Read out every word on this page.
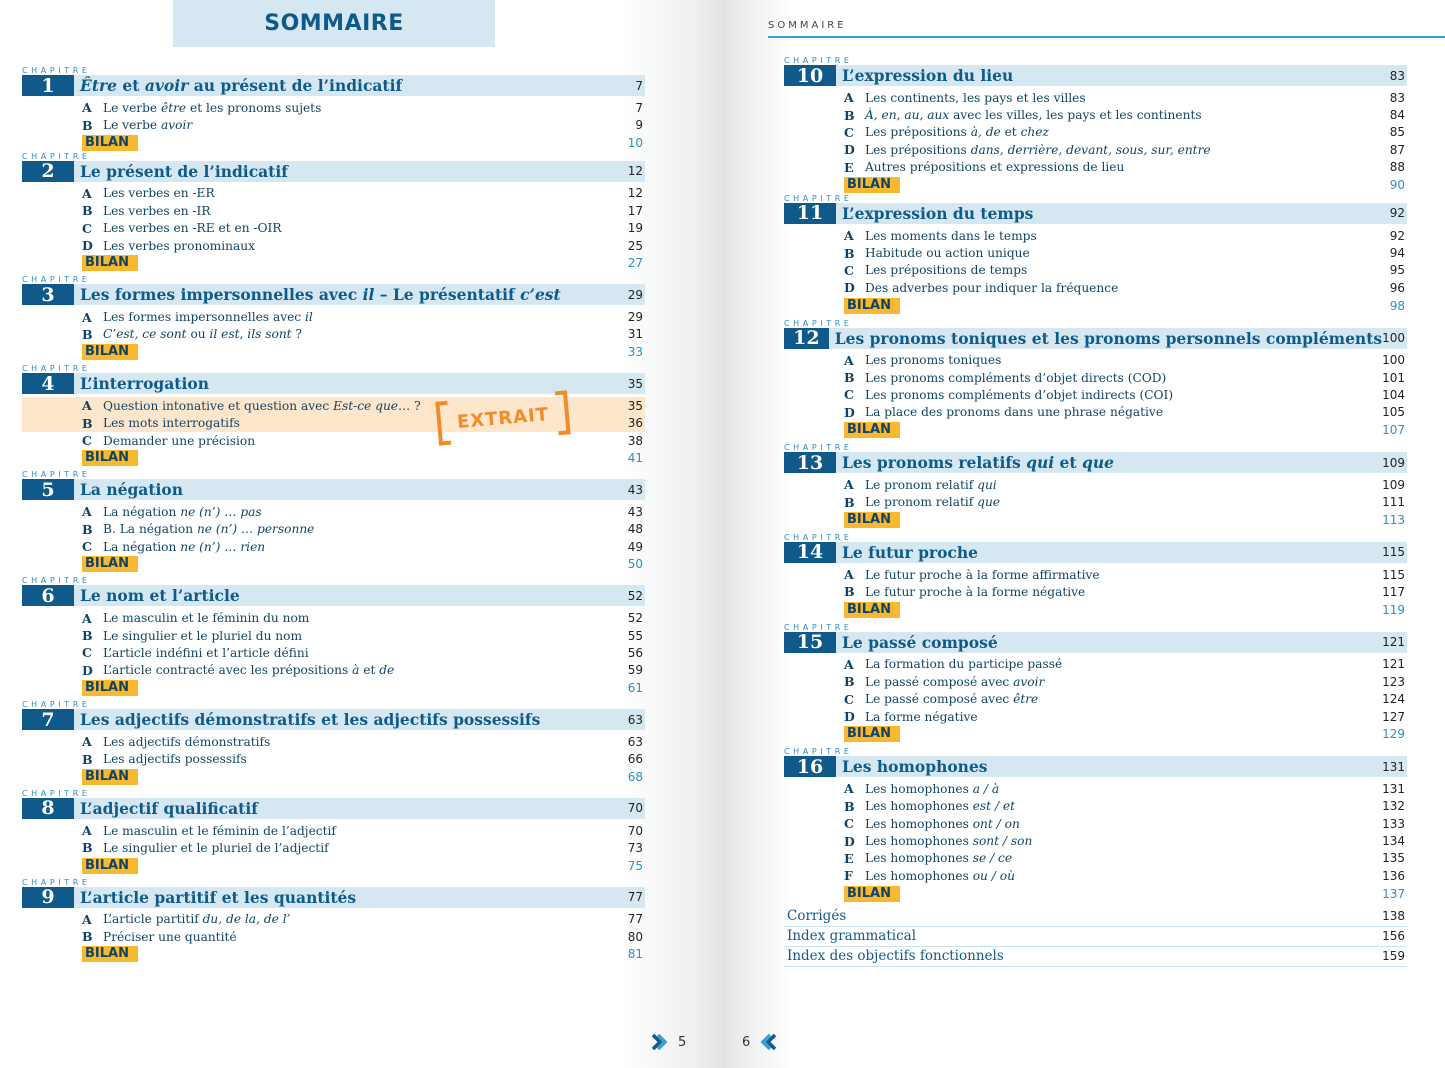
SOMMAIRE
CHAPITRE
1	Être et avoir au présent de l’indicatif	7
A Le verbe être et les pronoms sujets	7
B Le verbe avoir	9
BILAN	10
CHAPITRE
2	Le présent de l’indicatif	12
A Les verbes en -ER	12
B Les verbes en -IR	17
C Les verbes en -RE et en -OIR	19
D Les verbes pronominaux	25
BILAN	27
CHAPITRE
3	Les formes impersonnelles avec il – Le présentatif c’est	29
A Les formes impersonnelles avec il	29
B C’est, ce sont ou il est, ils sont ?	31
BILAN	33
CHAPITRE
4	L’interrogation	35
A Question intonative et question avec Est-ce que… ?	35
B Les mots interrogatifs	36
C Demander une précision	38
BILAN	41
CHAPITRE
5	La négation	43
A La négation ne (n’) … pas	43
B B. La négation ne (n’) … personne	48
C La négation ne (n’) … rien	49
BILAN	50
CHAPITRE
6	Le nom et l’article	52
A Le masculin et le féminin du nom	52
B Le singulier et le pluriel du nom	55
C L’article indéfini et l’article défini	56
D L’article contracté avec les prépositions à et de	59
BILAN	61
CHAPITRE
7	Les adjectifs démonstratifs et les adjectifs possessifs	63
A Les adjectifs démonstratifs	63
B Les adjectifs possessifs	66
BILAN	68
CHAPITRE
8	L’adjectif qualificatif	70
A Le masculin et le féminin de l’adjectif	70
B Le singulier et le pluriel de l’adjectif	73
BILAN	75
CHAPITRE
9	L’article partitif et les quantités	77
A L’article partitif du, de la, de l’	77
B Préciser une quantité	80
BILAN	81
EXTRAIT
5	6
SOMMAIRE
CHAPITRE
10	L’expression du lieu	83
A Les continents, les pays et les villes	83
B À, en, au, aux avec les villes, les pays et les continents	84
C Les prépositions à, de et chez	85
D Les prépositions dans, derrière, devant, sous, sur, entre	87
E Autres prépositions et expressions de lieu	88
BILAN	90
CHAPITRE
11	L’expression du temps	92
A Les moments dans le temps	92
B Habitude ou action unique	94
C Les prépositions de temps	95
D Des adverbes pour indiquer la fréquence	96
BILAN	98
CHAPITRE
12 Les pronoms toniques et les pronoms personnels compléments 100
A Les pronoms toniques	100
B Les pronoms compléments d’objet directs (COD)	101
C Les pronoms compléments d’objet indirects (COI)	104
D La place des pronoms dans une phrase négative	105
BILAN	107
CHAPITRE
13	Les pronoms relatifs qui et que	109
A Le pronom relatif qui	109
B Le pronom relatif que	111
BILAN	113
CHAPITRE
14	Le futur proche	115
A Le futur proche à la forme affirmative	115
B Le futur proche à la forme négative	117
BILAN	119
CHAPITRE
15	Le passé composé	121
A La formation du participe passé	121
B Le passé composé avec avoir	123
C Le passé composé avec être	124
D La forme négative	127
BILAN	129
CHAPITRE
16	Les homophones	131
A Les homophones a / à	131
B Les homophones est / et	132
C Les homophones ont / on	133
D Les homophones sont / son	134
E Les homophones se / ce	135
F Les homophones ou / où	136
BILAN	137
Corrigés	138
Index grammatical	156
Index des objectifs fonctionnels	159
